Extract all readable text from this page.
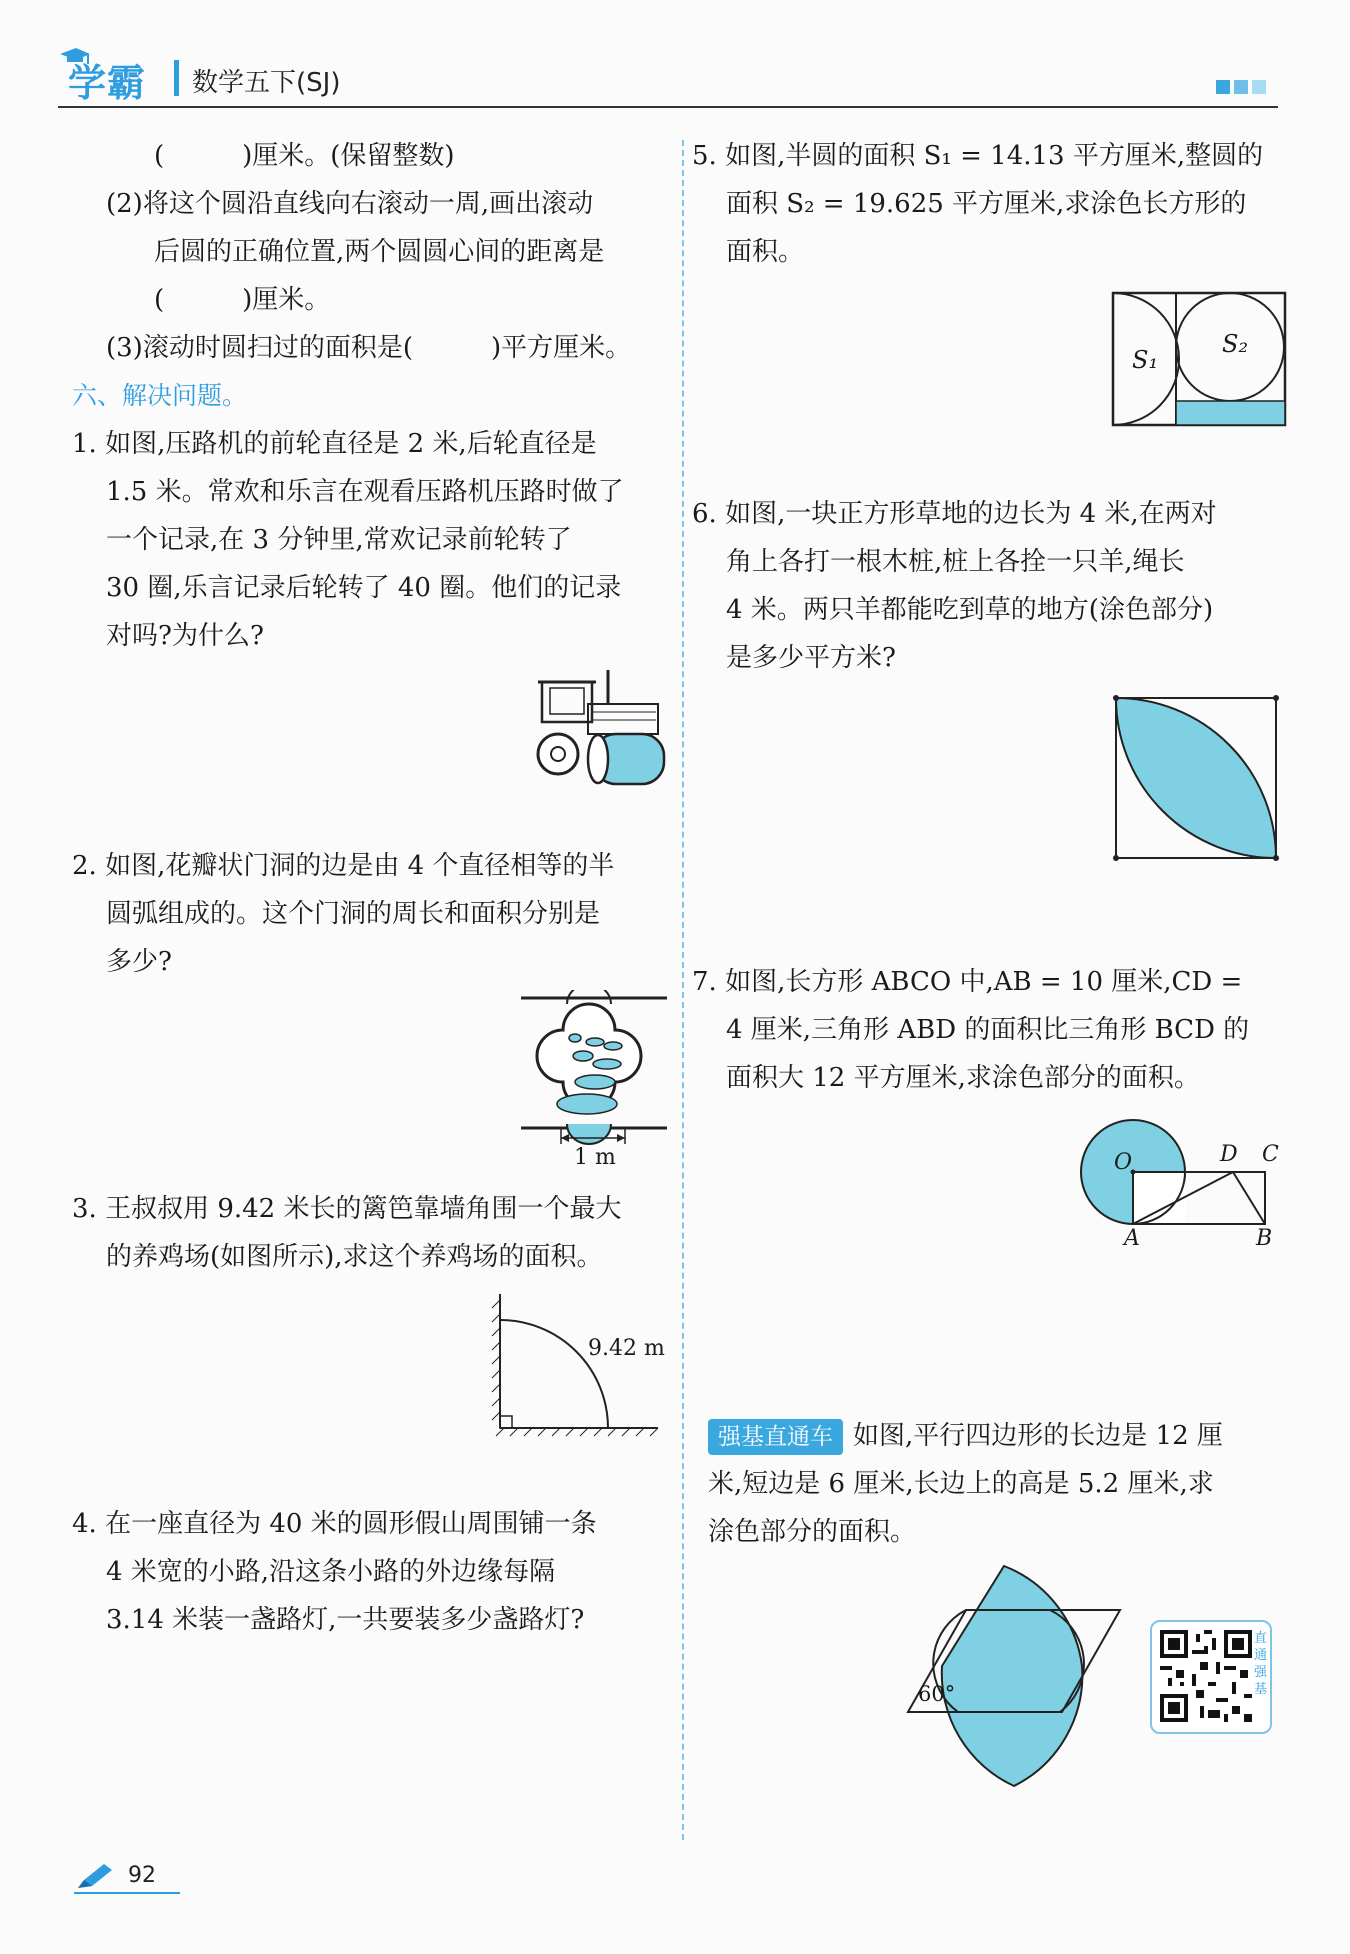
学霸 数学五下(SJ)
(　　　)厘米。(保留整数)
(2)将这个圆沿直线向右滚动一周,画出滚动
后圆的正确位置,两个圆圆心间的距离是
(　　　)厘米。
(3)滚动时圆扫过的面积是(　　　)平方厘米。
六、解决问题。
1. 如图,压路机的前轮直径是 2 米,后轮直径是
1.5 米。常欢和乐言在观看压路机压路时做了
一个记录,在 3 分钟里,常欢记录前轮转了
30 圈,乐言记录后轮转了 40 圈。他们的记录
对吗?为什么?
2. 如图,花瓣状门洞的边是由 4 个直径相等的半
圆弧组成的。这个门洞的周长和面积分别是
多少?
1 m
3. 王叔叔用 9.42 米长的篱笆靠墙角围一个最大
的养鸡场(如图所示),求这个养鸡场的面积。
9.42 m
4. 在一座直径为 40 米的圆形假山周围铺一条
4 米宽的小路,沿这条小路的外边缘每隔
3.14 米装一盏路灯,一共要装多少盏路灯?
5. 如图,半圆的面积 S₁ = 14.13 平方厘米,整圆的
面积 S₂ = 19.625 平方厘米,求涂色长方形的
面积。
S₁
S₂
6. 如图,一块正方形草地的边长为 4 米,在两对
角上各打一根木桩,桩上各拴一只羊,绳长
4 米。两只羊都能吃到草的地方(涂色部分)
是多少平方米?
7. 如图,长方形 ABCO 中,AB = 10 厘米,CD =
4 厘米,三角形 ABD 的面积比三角形 BCD 的
面积大 12 平方厘米,求涂色部分的面积。
O	D C
A	B
强基直通车 如图,平行四边形的长边是 12 厘
米,短边是 6 厘米,长边上的高是 5.2 厘米,求
涂色部分的面积。
60°
直通强基
92
